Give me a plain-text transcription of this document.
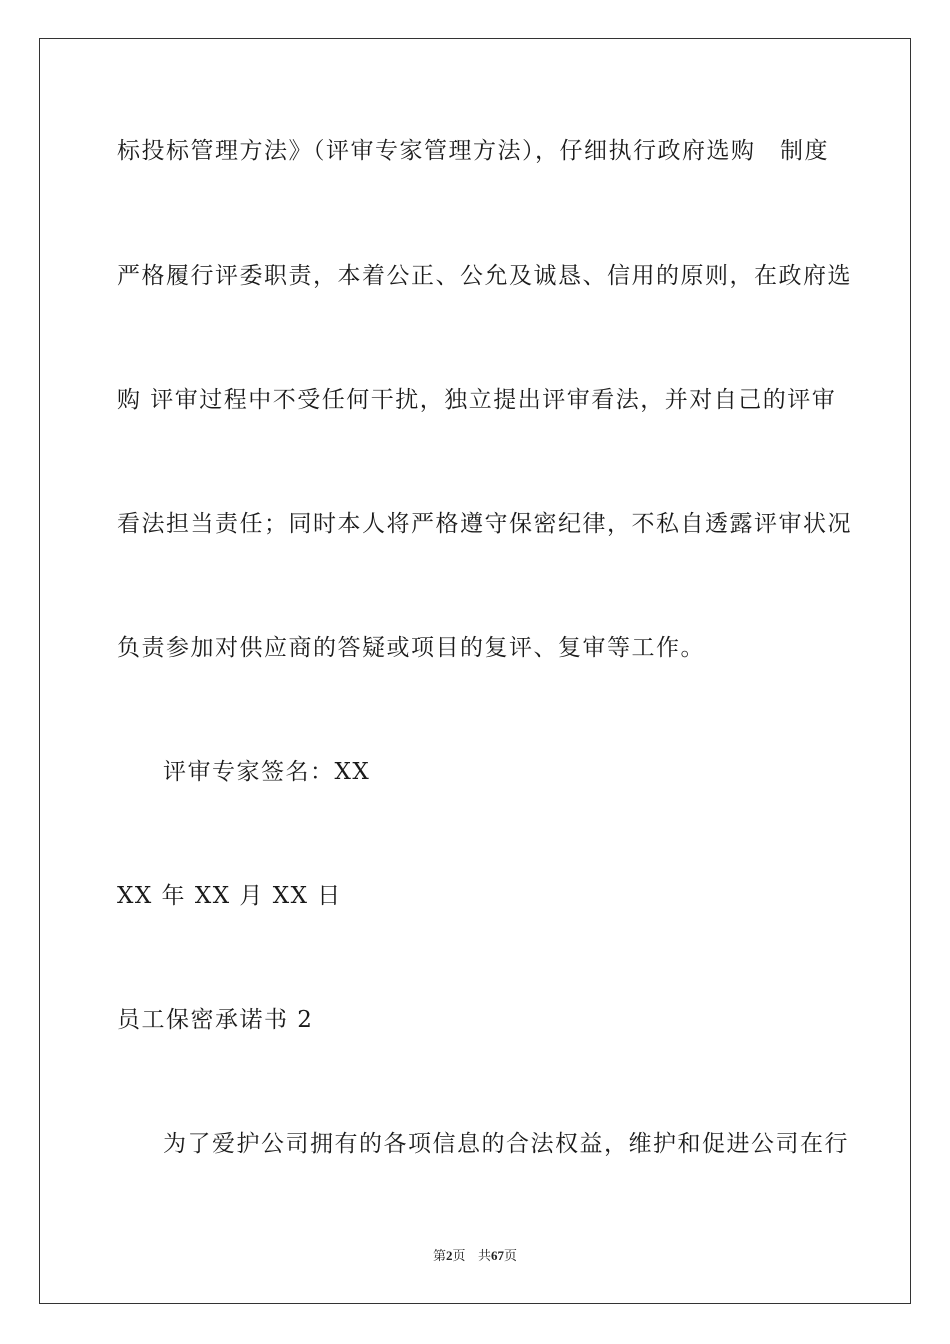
标投标管理方法》（评审专家管理方法），仔细执行政府选购　制度
严格履行评委职责，本着公正、公允及诚恳、信用的原则，在政府选
购 评审过程中不受任何干扰，独立提出评审看法，并对自己的评审
看法担当责任；同时本人将严格遵守保密纪律，不私自透露评审状况
负责参加对供应商的答疑或项目的复评、复审等工作。
评审专家签名：XX
XX 年 XX 月 XX 日
员工保密承诺书 2
为了爱护公司拥有的各项信息的合法权益，维护和促进公司在行
第2页 共67页
